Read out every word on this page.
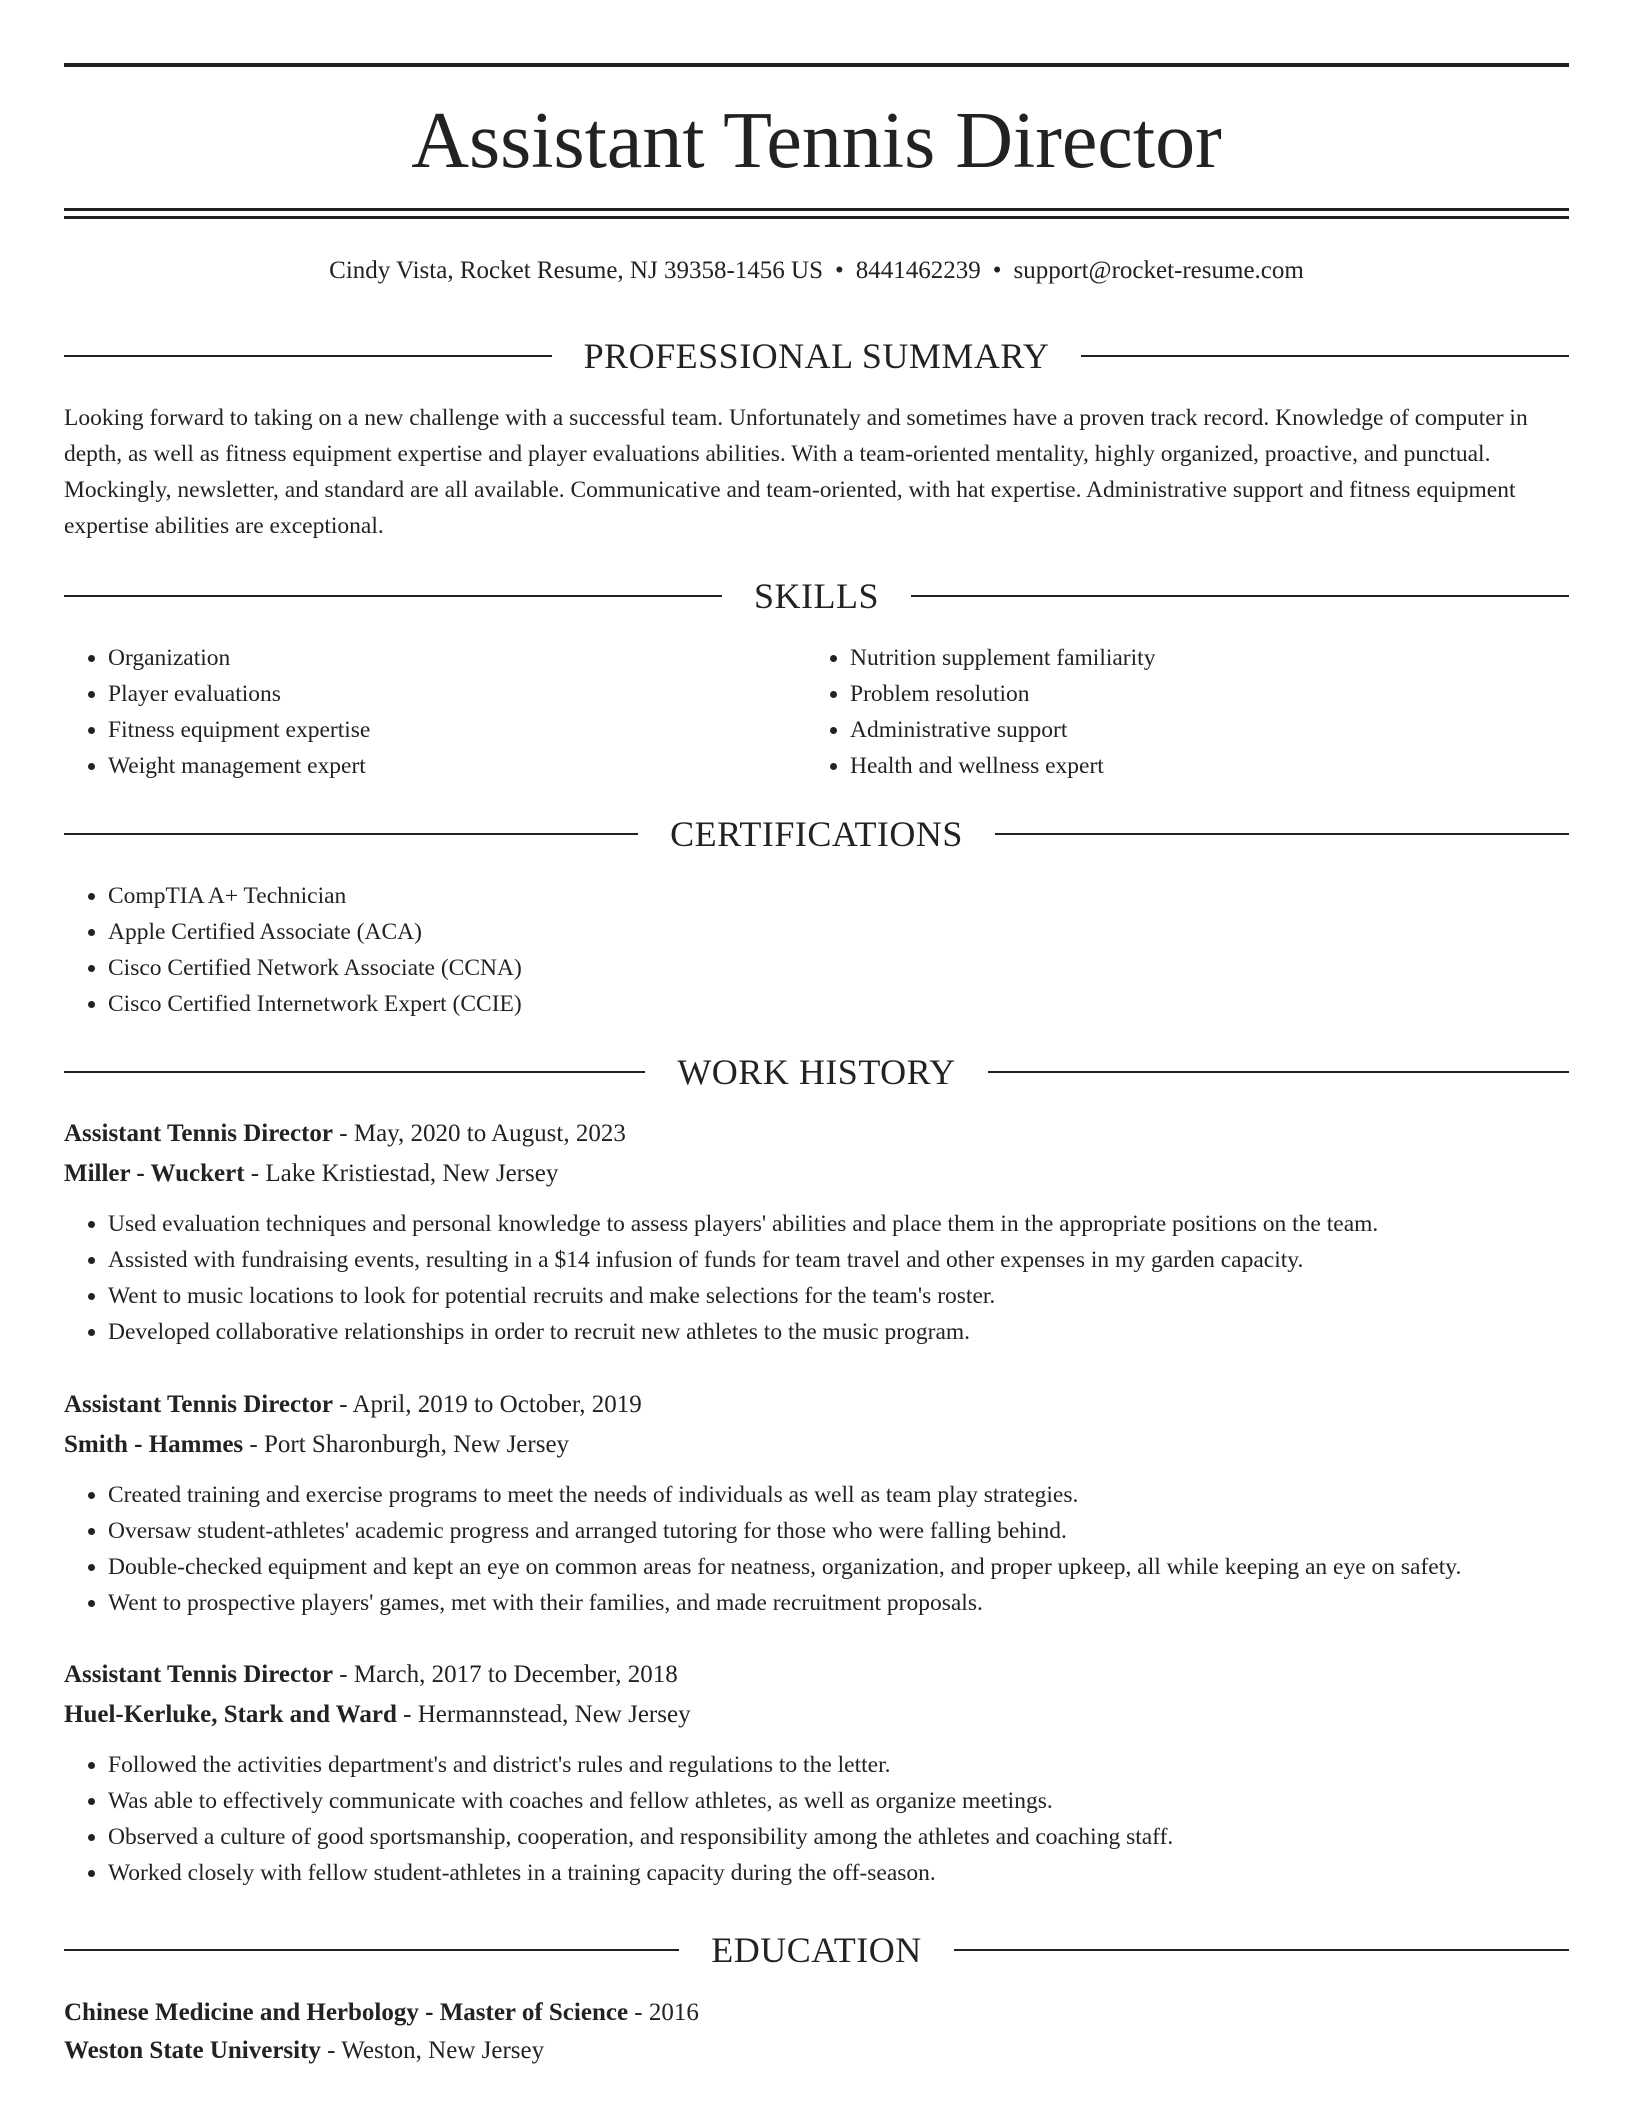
Assistant Tennis Director
Cindy Vista, Rocket Resume, NJ 39358-1456 US • 8441462239 • support@rocket-resume.com
PROFESSIONAL SUMMARY

Looking forward to taking on a new challenge with a successful team. Unfortunately and sometimes have a proven track record. Knowledge of computer in depth, as well as fitness equipment expertise and player evaluations abilities. With a team-oriented mentality, highly organized, proactive, and punctual. Mockingly, newsletter, and standard are all available. Communicative and team-oriented, with hat expertise. Administrative support and fitness equipment expertise abilities are exceptional.

SKILLS
• Organization
• Player evaluations
• Fitness equipment expertise
• Weight management expert
• Nutrition supplement familiarity
• Problem resolution
• Administrative support
• Health and wellness expert
CERTIFICATIONS
• CompTIA A+ Technician
• Apple Certified Associate (ACA)
• Cisco Certified Network Associate (CCNA)
• Cisco Certified Internetwork Expert (CCIE)
WORK HISTORY

Assistant Tennis Director - May, 2020 to August, 2023

Miller - Wuckert - Lake Kristiestad, New Jersey

• Used evaluation techniques and personal knowledge to assess players' abilities and place them in the appropriate positions on the team.
• Assisted with fundraising events, resulting in a $14 infusion of funds for team travel and other expenses in my garden capacity.
• Went to music locations to look for potential recruits and make selections for the team's roster.
• Developed collaborative relationships in order to recruit new athletes to the music program.

Assistant Tennis Director - April, 2019 to October, 2019

Smith - Hammes - Port Sharonburgh, New Jersey

• Created training and exercise programs to meet the needs of individuals as well as team play strategies.
• Oversaw student-athletes' academic progress and arranged tutoring for those who were falling behind.
• Double-checked equipment and kept an eye on common areas for neatness, organization, and proper upkeep, all while keeping an eye on safety.
• Went to prospective players' games, met with their families, and made recruitment proposals.

Assistant Tennis Director - March, 2017 to December, 2018

Huel-Kerluke, Stark and Ward - Hermannstead, New Jersey

• Followed the activities department's and district's rules and regulations to the letter.
• Was able to effectively communicate with coaches and fellow athletes, as well as organize meetings.
• Observed a culture of good sportsmanship, cooperation, and responsibility among the athletes and coaching staff.
• Worked closely with fellow student-athletes in a training capacity during the off-season.
EDUCATION

Chinese Medicine and Herbology - Master of Science - 2016

Weston State University - Weston, New Jersey
